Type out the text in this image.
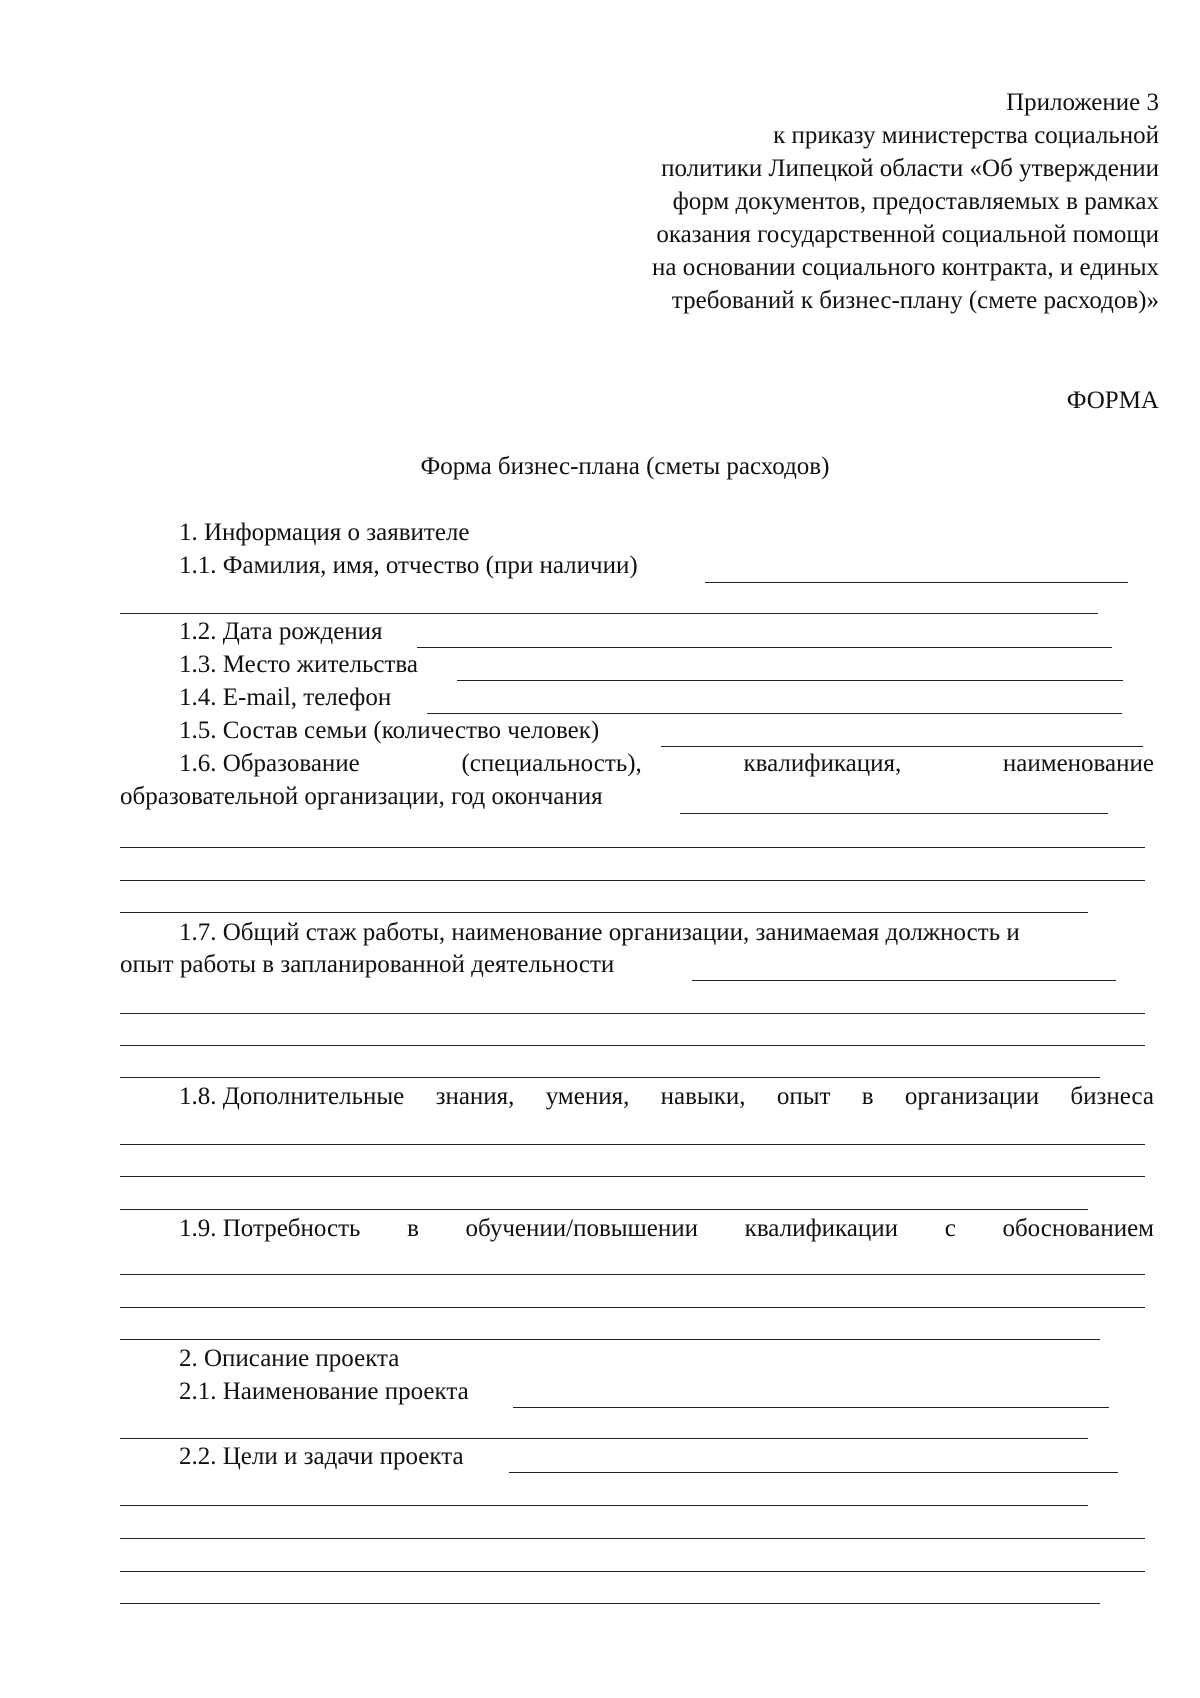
Приложение 3
к приказу министерства социальной
политики Липецкой области «Об утверждении
форм документов, предоставляемых в рамках
оказания государственной социальной помощи
на основании социального контракта, и единых
требований к бизнес-плану (смете расходов)»
ФОРМА
Форма бизнес-плана (сметы расходов)
1. Информация о заявителе
1.1. Фамилия, имя, отчество (при наличии)
1.2. Дата рождения
1.3. Место жительства
1.4. E-mail, телефон
1.5. Состав семьи (количество человек)
1.6. Образование	(специальность),	квалификация,	наименование
образовательной организации, год окончания
1.7. Общий стаж работы, наименование организации, занимаемая должность и
опыт работы в запланированной деятельности
1.8. Дополнительные знания, умения, навыки, опыт в организации бизнеса
1.9. Потребность в обучении/повышении квалификации с обоснованием
2. Описание проекта
2.1. Наименование проекта
2.2. Цели и задачи проекта
